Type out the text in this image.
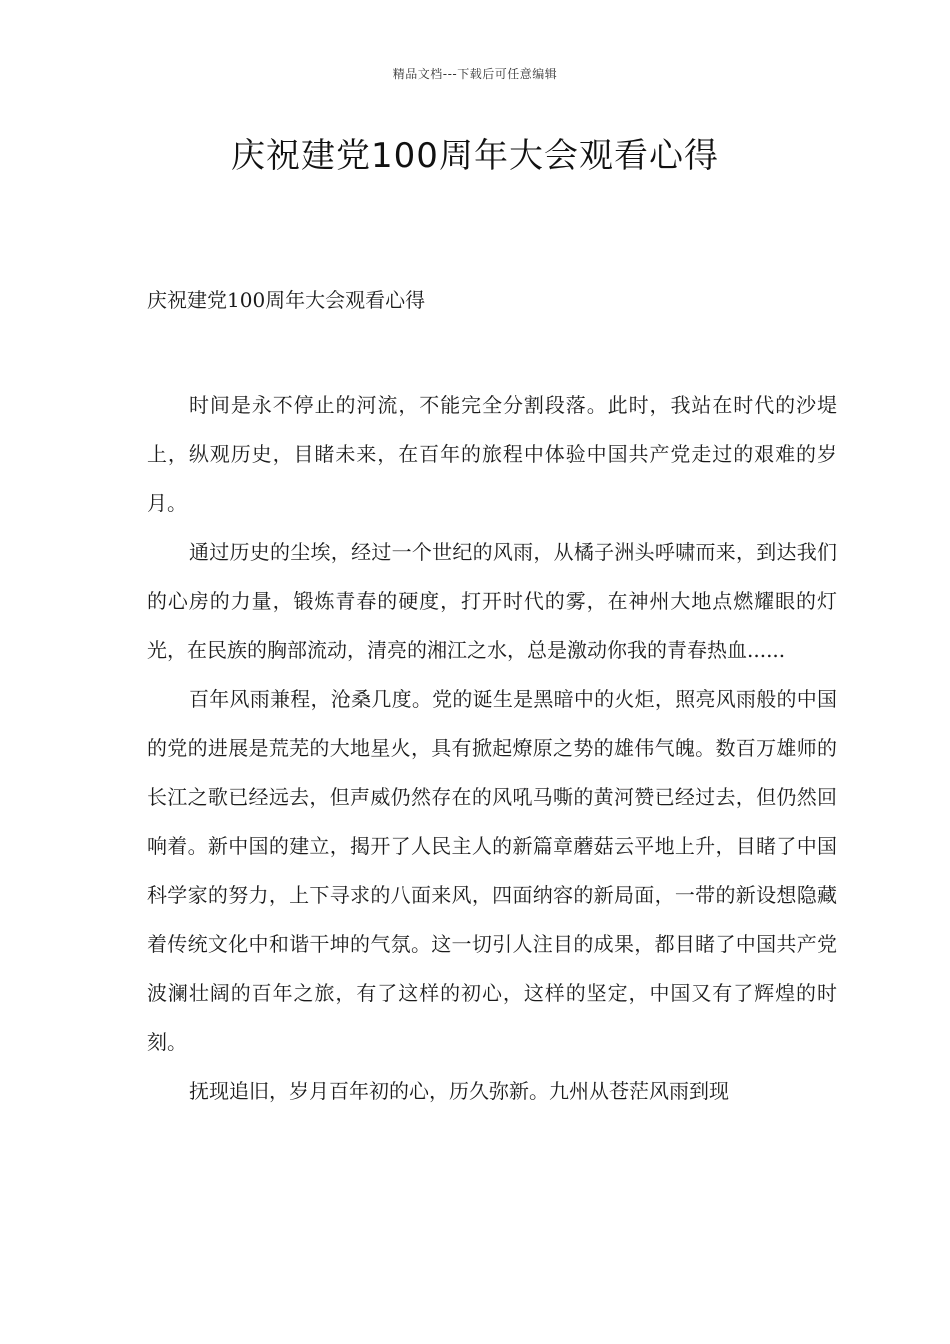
精品文档---下载后可任意编辑
庆祝建党100周年大会观看心得
庆祝建党100周年大会观看心得

时间是永不停止的河流，不能完全分割段落。此时，我站在时代的沙堤上，纵观历史，目睹未来，在百年的旅程中体验中国共产党走过的艰难的岁月。

通过历史的尘埃，经过一个世纪的风雨，从橘子洲头呼啸而来，到达我们的心房的力量，锻炼青春的硬度，打开时代的雾，在神州大地点燃耀眼的灯光，在民族的胸部流动，清亮的湘江之水，总是激动你我的青春热血......

百年风雨兼程，沧桑几度。党的诞生是黑暗中的火炬，照亮风雨般的中国的党的进展是荒芜的大地星火，具有掀起燎原之势的雄伟气魄。数百万雄师的长江之歌已经远去，但声威仍然存在的风吼马嘶的黄河赞已经过去，但仍然回响着。新中国的建立，揭开了人民主人的新篇章蘑菇云平地上升，目睹了中国科学家的努力，上下寻求的八面来风，四面纳容的新局面，一带的新设想隐藏着传统文化中和谐干坤的气氛。这一切引人注目的成果，都目睹了中国共产党波澜壮阔的百年之旅，有了这样的初心，这样的坚定，中国又有了辉煌的时刻。

抚现追旧，岁月百年初的心，历久弥新。九州从苍茫风雨到现
